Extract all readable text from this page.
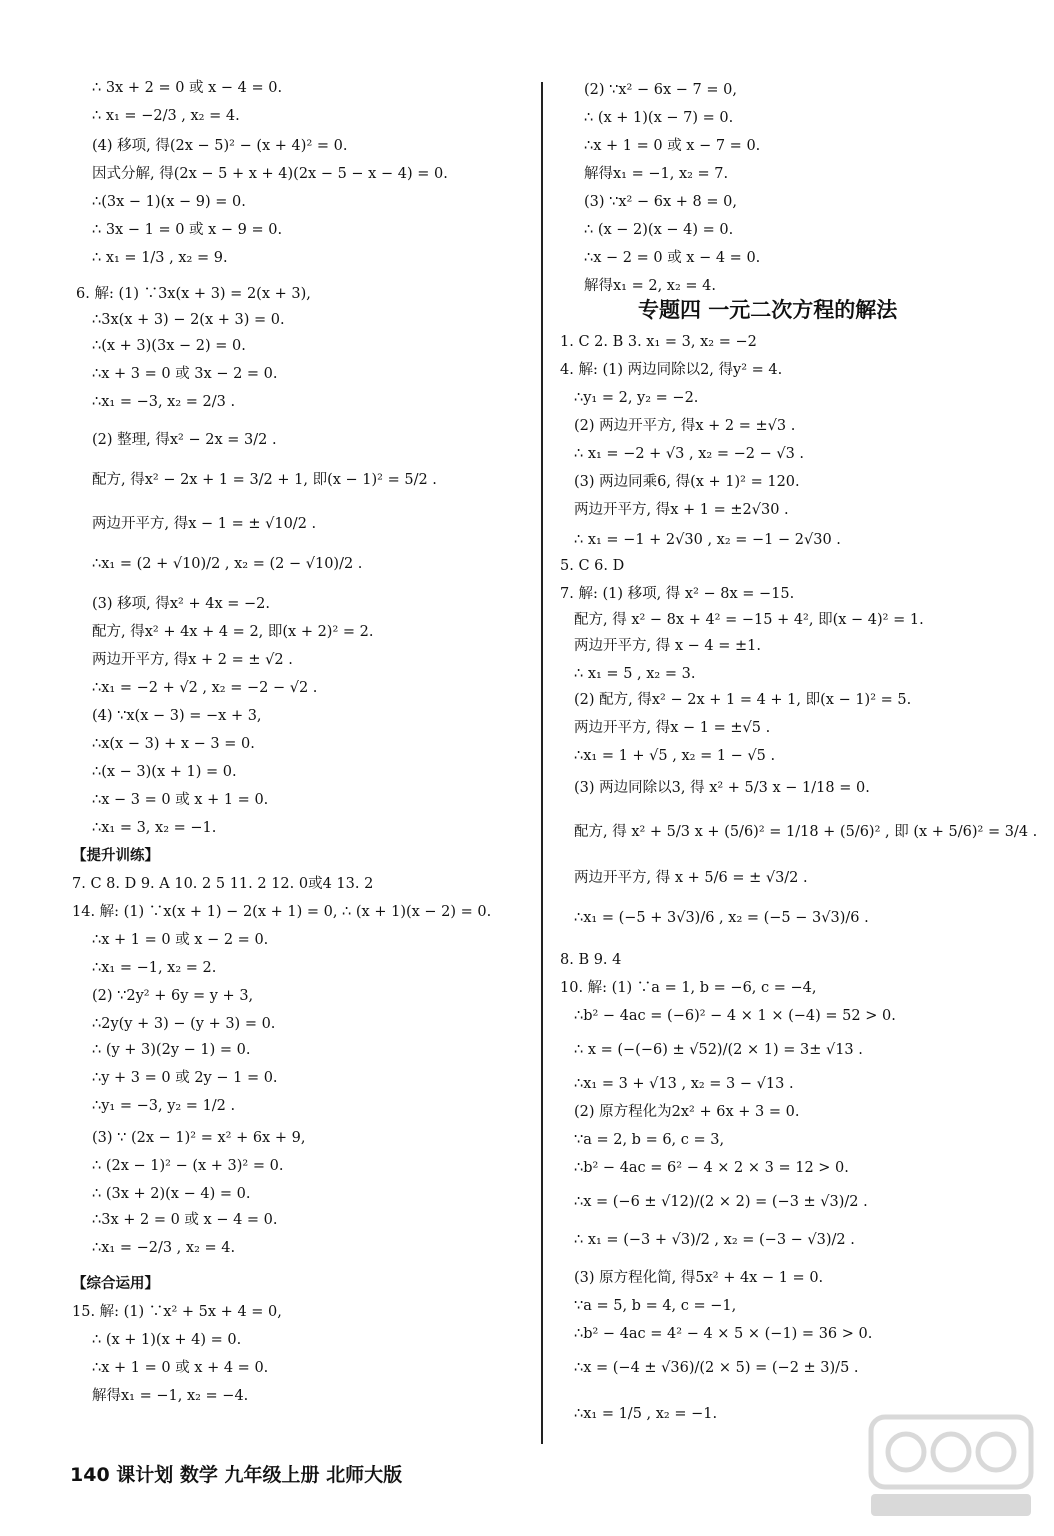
∴ 3x + 2 = 0 或 x − 4 = 0.
∴ x₁ = −2/3 , x₂ = 4.
(4) 移项, 得(2x − 5)² − (x + 4)² = 0.
因式分解, 得(2x − 5 + x + 4)(2x − 5 − x − 4) = 0.
∴(3x − 1)(x − 9) = 0.
∴ 3x − 1 = 0 或 x − 9 = 0.
∴ x₁ = 1/3 , x₂ = 9.
6. 解: (1) ∵3x(x + 3) = 2(x + 3),
∴3x(x + 3) − 2(x + 3) = 0.
∴(x + 3)(3x − 2) = 0.
∴x + 3 = 0 或 3x − 2 = 0.
∴x₁ = −3, x₂ = 2/3 .
(2) 整理, 得x² − 2x = 3/2 .
配方, 得x² − 2x + 1 = 3/2 + 1, 即(x − 1)² = 5/2 .
两边开平方, 得x − 1 = ± √10/2 .
∴x₁ = (2 + √10)/2 , x₂ = (2 − √10)/2 .
(3) 移项, 得x² + 4x = −2.
配方, 得x² + 4x + 4 = 2, 即(x + 2)² = 2.
两边开平方, 得x + 2 = ± √2 .
∴x₁ = −2 + √2 , x₂ = −2 − √2 .
(4) ∵x(x − 3) = −x + 3,
∴x(x − 3) + x − 3 = 0.
∴(x − 3)(x + 1) = 0.
∴x − 3 = 0 或 x + 1 = 0.
∴x₁ = 3, x₂ = −1.
【提升训练】
7. C 8. D 9. A 10. 2 5 11. 2 12. 0或4 13. 2
14. 解: (1) ∵x(x + 1) − 2(x + 1) = 0, ∴ (x + 1)(x − 2) = 0.
∴x + 1 = 0 或 x − 2 = 0.
∴x₁ = −1, x₂ = 2.
(2) ∵2y² + 6y = y + 3,
∴2y(y + 3) − (y + 3) = 0.
∴ (y + 3)(2y − 1) = 0.
∴y + 3 = 0 或 2y − 1 = 0.
∴y₁ = −3, y₂ = 1/2 .
(3) ∵ (2x − 1)² = x² + 6x + 9,
∴ (2x − 1)² − (x + 3)² = 0.
∴ (3x + 2)(x − 4) = 0.
∴3x + 2 = 0 或 x − 4 = 0.
∴x₁ = −2/3 , x₂ = 4.
【综合运用】
15. 解: (1) ∵x² + 5x + 4 = 0,
∴ (x + 1)(x + 4) = 0.
∴x + 1 = 0 或 x + 4 = 0.
解得x₁ = −1, x₂ = −4.
(2) ∵x² − 6x − 7 = 0,
∴ (x + 1)(x − 7) = 0.
∴x + 1 = 0 或 x − 7 = 0.
解得x₁ = −1, x₂ = 7.
(3) ∵x² − 6x + 8 = 0,
∴ (x − 2)(x − 4) = 0.
∴x − 2 = 0 或 x − 4 = 0.
解得x₁ = 2, x₂ = 4.
专题四 一元二次方程的解法
1. C 2. B 3. x₁ = 3, x₂ = −2
4. 解: (1) 两边同除以2, 得y² = 4.
∴y₁ = 2, y₂ = −2.
(2) 两边开平方, 得x + 2 = ±√3 .
∴ x₁ = −2 + √3 , x₂ = −2 − √3 .
(3) 两边同乘6, 得(x + 1)² = 120.
两边开平方, 得x + 1 = ±2√30 .
∴ x₁ = −1 + 2√30 , x₂ = −1 − 2√30 .
5. C 6. D
7. 解: (1) 移项, 得 x² − 8x = −15.
配方, 得 x² − 8x + 4² = −15 + 4², 即(x − 4)² = 1.
两边开平方, 得 x − 4 = ±1.
∴ x₁ = 5 , x₂ = 3.
(2) 配方, 得x² − 2x + 1 = 4 + 1, 即(x − 1)² = 5.
两边开平方, 得x − 1 = ±√5 .
∴x₁ = 1 + √5 , x₂ = 1 − √5 .
(3) 两边同除以3, 得 x² + 5/3 x − 1/18 = 0.
配方, 得 x² + 5/3 x + (5/6)² = 1/18 + (5/6)² , 即 (x + 5/6)² = 3/4 .
两边开平方, 得 x + 5/6 = ± √3/2 .
∴x₁ = (−5 + 3√3)/6 , x₂ = (−5 − 3√3)/6 .
8. B 9. 4
10. 解: (1) ∵a = 1, b = −6, c = −4,
∴b² − 4ac = (−6)² − 4 × 1 × (−4) = 52 > 0.
∴ x = (−(−6) ± √52)/(2 × 1) = 3± √13 .
∴x₁ = 3 + √13 , x₂ = 3 − √13 .
(2) 原方程化为2x² + 6x + 3 = 0.
∵a = 2, b = 6, c = 3,
∴b² − 4ac = 6² − 4 × 2 × 3 = 12 > 0.
∴x = (−6 ± √12)/(2 × 2) = (−3 ± √3)/2 .
∴ x₁ = (−3 + √3)/2 , x₂ = (−3 − √3)/2 .
(3) 原方程化简, 得5x² + 4x − 1 = 0.
∵a = 5, b = 4, c = −1,
∴b² − 4ac = 4² − 4 × 5 × (−1) = 36 > 0.
∴x = (−4 ± √36)/(2 × 5) = (−2 ± 3)/5 .
∴x₁ = 1/5 , x₂ = −1.
140 课计划 数学 九年级上册 北师大版
